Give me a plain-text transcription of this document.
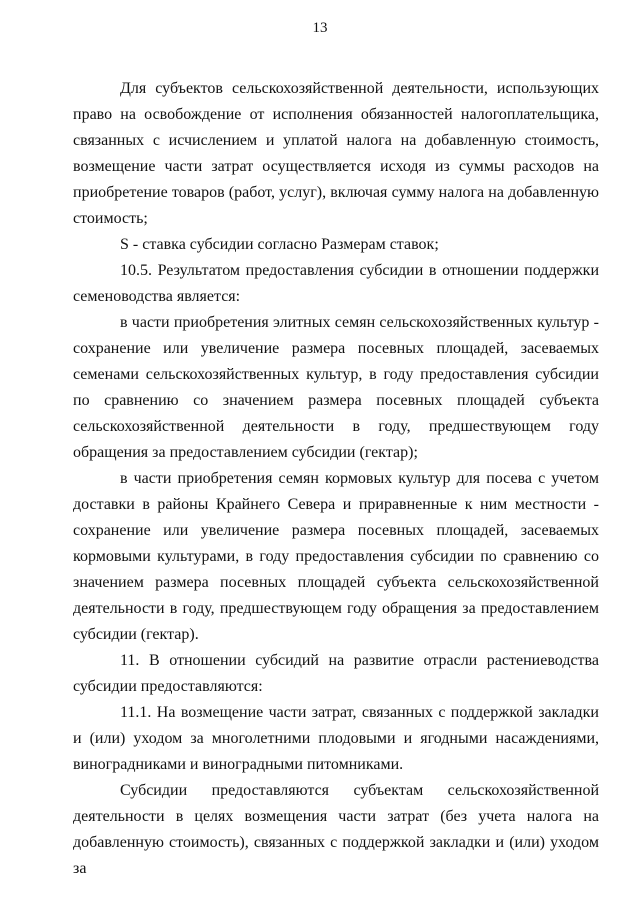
13

Для субъектов сельскохозяйственной деятельности, использующих право на освобождение от исполнения обязанностей налогоплательщика, связанных с исчислением и уплатой налога на добавленную стоимость, возмещение части затрат осуществляется исходя из суммы расходов на приобретение товаров (работ, услуг), включая сумму налога на добавленную стоимость;

S - ставка субсидии согласно Размерам ставок;

10.5. Результатом предоставления субсидии в отношении поддержки семеноводства является:

в части приобретения элитных семян сельскохозяйственных культур - сохранение или увеличение размера посевных площадей, засеваемых семенами сельскохозяйственных культур, в году предоставления субсидии по сравнению со значением размера посевных площадей субъекта сельскохозяйственной деятельности в году, предшествующем году обращения за предоставлением субсидии (гектар);

в части приобретения семян кормовых культур для посева с учетом доставки в районы Крайнего Севера и приравненные к ним местности - сохранение или увеличение размера посевных площадей, засеваемых кормовыми культурами, в году предоставления субсидии по сравнению со значением размера посевных площадей субъекта сельскохозяйственной деятельности в году, предшествующем году обращения за предоставлением субсидии (гектар).

11. В отношении субсидий на развитие отрасли растениеводства субсидии предоставляются:

11.1. На возмещение части затрат, связанных с поддержкой закладки и (или) уходом за многолетними плодовыми и ягодными насаждениями, виноградниками и виноградными питомниками.

Субсидии предоставляются субъектам сельскохозяйственной деятельности в целях возмещения части затрат (без учета налога на добавленную стоимость), связанных с поддержкой закладки и (или) уходом за
